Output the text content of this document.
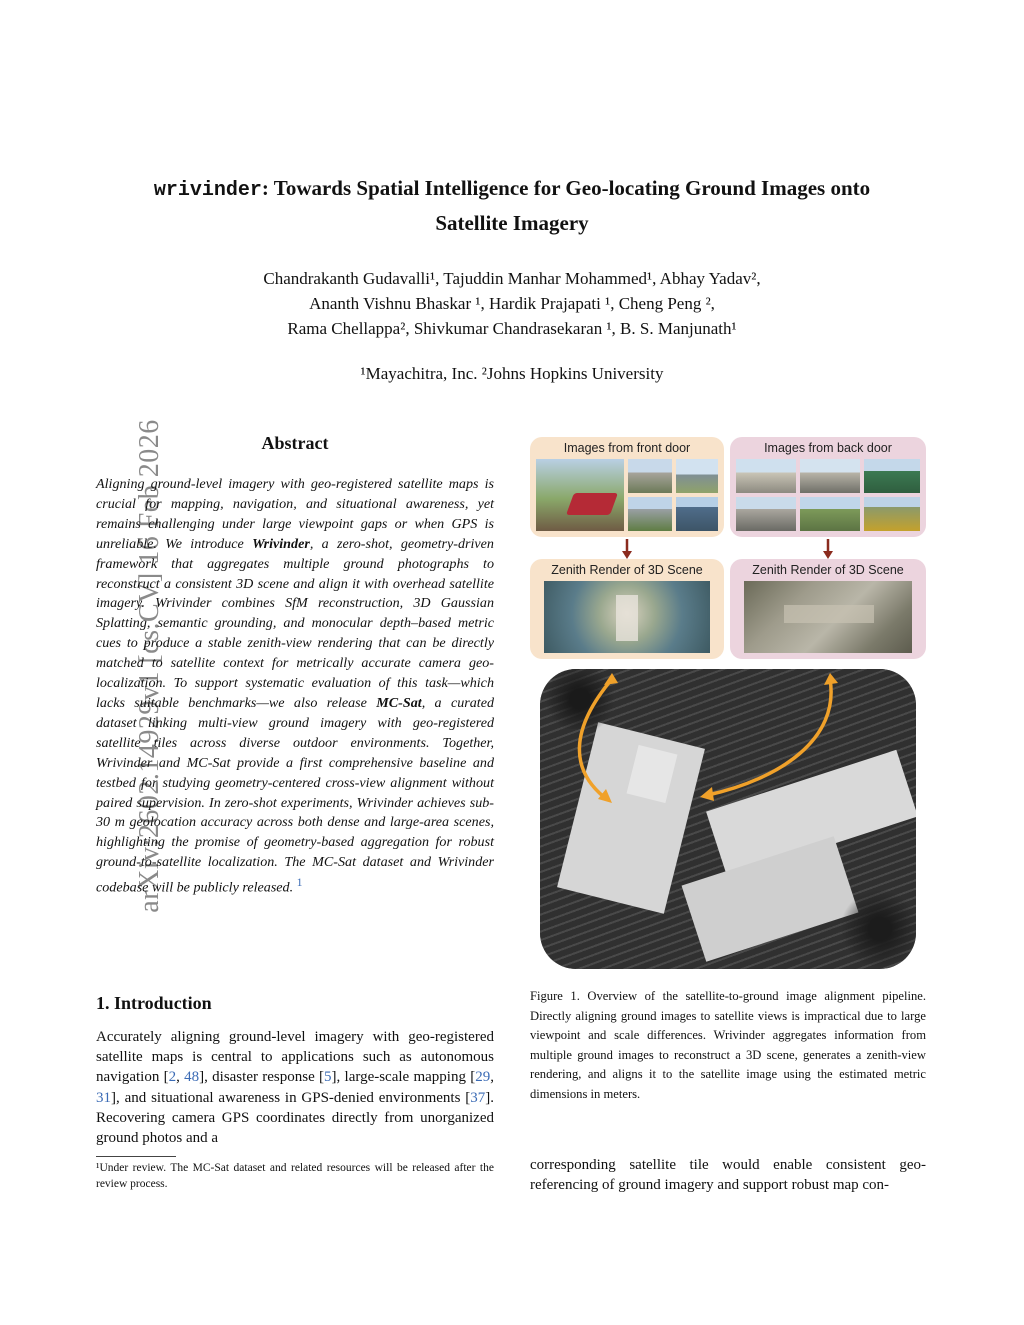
arXiv:2602.14929v1 [cs.CV] 16 Feb 2026
wrivinder: Towards Spatial Intelligence for Geo-locating Ground Images onto
Satellite Imagery
Chandrakanth Gudavalli¹, Tajuddin Manhar Mohammed¹, Abhay Yadav²,
Ananth Vishnu Bhaskar ¹, Hardik Prajapati ¹, Cheng Peng ²,
Rama Chellappa², Shivkumar Chandrasekaran ¹, B. S. Manjunath¹
¹Mayachitra, Inc. ²Johns Hopkins University
Abstract
Aligning ground-level imagery with geo-registered satellite maps is crucial for mapping, navigation, and situational awareness, yet remains challenging under large viewpoint gaps or when GPS is unreliable. We introduce Wrivinder, a zero-shot, geometry-driven framework that aggregates multiple ground photographs to reconstruct a consistent 3D scene and align it with overhead satellite imagery. Wrivinder combines SfM reconstruction, 3D Gaussian Splatting, semantic grounding, and monocular depth–based metric cues to produce a stable zenith-view rendering that can be directly matched to satellite context for metrically accurate camera geo-localization. To support systematic evaluation of this task—which lacks suitable benchmarks—we also release MC-Sat, a curated dataset linking multi-view ground imagery with geo-registered satellite tiles across diverse outdoor environments. Together, Wrivinder and MC-Sat provide a first comprehensive baseline and testbed for studying geometry-centered cross-view alignment without paired supervision. In zero-shot experiments, Wrivinder achieves sub-30 m geolocation accuracy across both dense and large-area scenes, highlighting the promise of geometry-based aggregation for robust ground-to-satellite localization. The MC-Sat dataset and Wrivinder codebase will be publicly released. $^1$
1. Introduction
Accurately aligning ground-level imagery with geo-registered satellite maps is central to applications such as autonomous navigation [2, 48], disaster response [5], large-scale mapping [29, 31], and situational awareness in GPS-denied environments [37]. Recovering camera GPS coordinates directly from unorganized ground photos and a
¹Under review. The MC-Sat dataset and related resources will be released after the review process.
Images from front door	Images from back door
Zenith Render of 3D Scene	Zenith Render of 3D Scene
Figure 1. Overview of the satellite-to-ground image alignment pipeline. Directly aligning ground images to satellite views is impractical due to large viewpoint and scale differences. Wrivinder aggregates information from multiple ground images to reconstruct a 3D scene, generates a zenith-view rendering, and aligns it to the satellite image using the estimated metric dimensions in meters.
corresponding satellite tile would enable consistent geo-referencing of ground imagery and support robust map con-
